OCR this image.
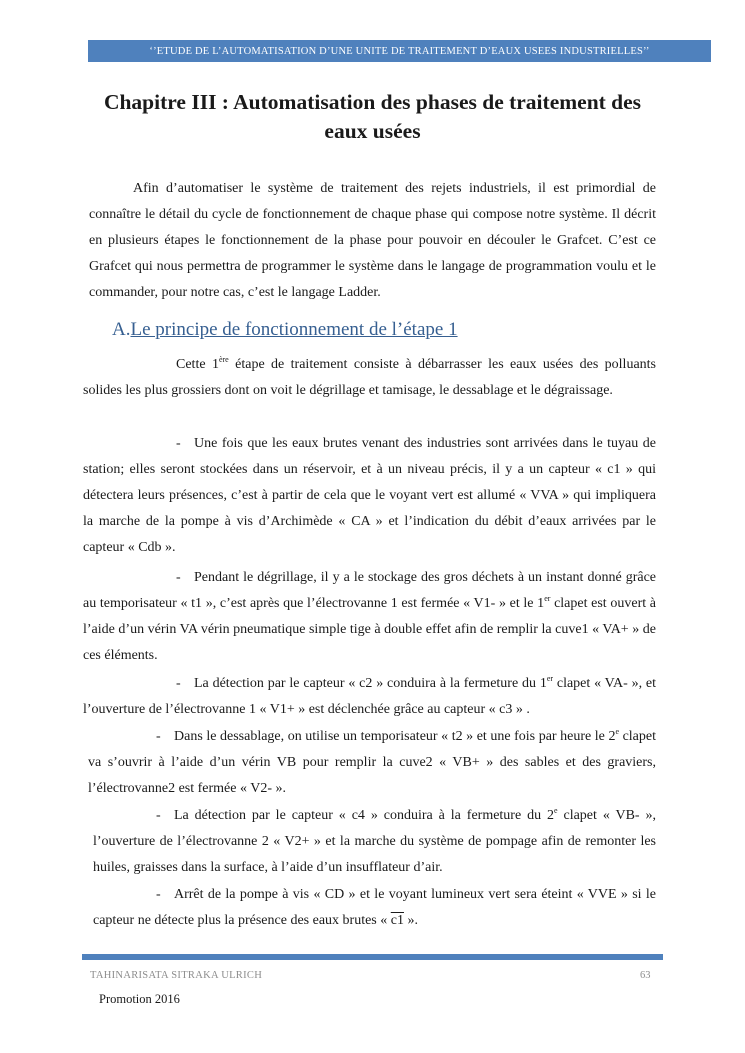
‘’ETUDE DE L’AUTOMATISATION D’UNE UNITE DE TRAITEMENT D’EAUX USEES INDUSTRIELLES’’
Chapitre III : Automatisation des phases de traitement des eaux usées

Afin d’automatiser le système de traitement des rejets industriels, il est primordial de connaître le détail du cycle de fonctionnement de chaque phase qui compose notre système. Il décrit en plusieurs étapes le fonctionnement de la phase pour pouvoir en découler le Grafcet. C’est ce Grafcet qui nous permettra de programmer le système dans le langage de programmation voulu et le commander, pour notre cas, c’est le langage Ladder.

A.Le principe de fonctionnement de l’étape 1

Cette 1ère étape de traitement consiste à débarrasser les eaux usées des polluants solides les plus grossiers dont on voit le dégrillage et tamisage, le dessablage et le dégraissage.

- Une fois que les eaux brutes venant des industries sont arrivées dans le tuyau de station; elles seront stockées dans un réservoir, et à un niveau précis, il y a un capteur « c1 » qui détectera leurs présences, c’est à partir de cela que le voyant vert est allumé « VVA » qui impliquera la marche de la pompe à vis d’Archimède « CA » et l’indication du débit d’eaux arrivées par le capteur « Cdb ».

- Pendant le dégrillage, il y a le stockage des gros déchets à un instant donné grâce au temporisateur « t1 », c’est après que l’électrovanne 1 est fermée « V1- » et le 1er clapet est ouvert à l’aide d’un vérin VA vérin pneumatique simple tige à double effet afin de remplir la cuve1 « VA+ » de ces éléments.

- La détection par le capteur « c2 » conduira à la fermeture du 1er clapet « VA- », et l’ouverture de l’électrovanne 1 « V1+ » est déclenchée grâce au capteur « c3 » .

- Dans le dessablage, on utilise un temporisateur « t2 » et une fois par heure le 2e clapet va s’ouvrir à l’aide d’un vérin VB pour remplir la cuve2 « VB+ » des sables et des graviers, l’électrovanne2 est fermée « V2- ».

- La détection par le capteur « c4 » conduira à la fermeture du 2e clapet « VB- », l’ouverture de l’électrovanne 2 « V2+ » et la marche du système de pompage afin de remonter les huiles, graisses dans la surface, à l’aide d’un insufflateur d’air.

- Arrêt de la pompe à vis « CD » et le voyant lumineux vert sera éteint « VVE » si le capteur ne détecte plus la présence des eaux brutes « c1 ».

TAHINARISATA SITRAKA ULRICH	63
Promotion 2016
